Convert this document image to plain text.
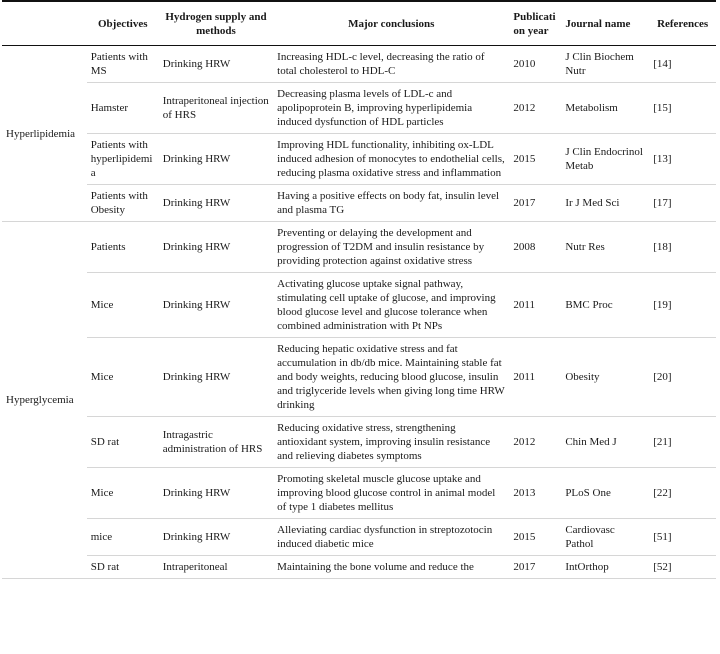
	Objectives	Hydrogen supply and methods	Major conclusions	Publication year	Journal name	References
Hyperlipidemia	Patients with MS	Drinking HRW	Increasing HDL-c level, decreasing the ratio of total cholesterol to HDL-C	2010	J Clin Biochem Nutr	[14]
	Hamster	Intraperitoneal injection of HRS	Decreasing plasma levels of LDL-c and apolipoprotein B, improving hyperlipidemia induced dysfunction of HDL particles	2012	Metabolism	[15]
	Patients with hyperlipidemia	Drinking HRW	Improving HDL functionality, inhibiting ox-LDL induced adhesion of monocytes to endothelial cells, reducing plasma oxidative stress and inflammation	2015	J Clin Endocrinol Metab	[13]
	Patients with Obesity	Drinking HRW	Having a positive effects on body fat, insulin level and plasma TG	2017	Ir J Med Sci	[17]
Hyperglycemia	Patients	Drinking HRW	Preventing or delaying the development and progression of T2DM and insulin resistance by providing protection against oxidative stress	2008	Nutr Res	[18]
	Mice	Drinking HRW	Activating glucose uptake signal pathway, stimulating cell uptake of glucose, and improving blood glucose level and glucose tolerance when combined administration with Pt NPs	2011	BMC Proc	[19]
	Mice	Drinking HRW	Reducing hepatic oxidative stress and fat accumulation in db/db mice. Maintaining stable fat and body weights, reducing blood glucose, insulin and triglyceride levels when giving long time HRW drinking	2011	Obesity	[20]
	SD rat	Intragastric administration of HRS	Reducing oxidative stress, strengthening antioxidant system, improving insulin resistance and relieving diabetes symptoms	2012	Chin Med J	[21]
	Mice	Drinking HRW	Promoting skeletal muscle glucose uptake and improving blood glucose control in animal model of type 1 diabetes mellitus	2013	PLoS One	[22]
	mice	Drinking HRW	Alleviating cardiac dysfunction in streptozotocin induced diabetic mice	2015	Cardiovasc Pathol	[51]
	SD rat	Intraperitoneal	Maintaining the bone volume and reduce the	2017	IntOrthop	[52]
